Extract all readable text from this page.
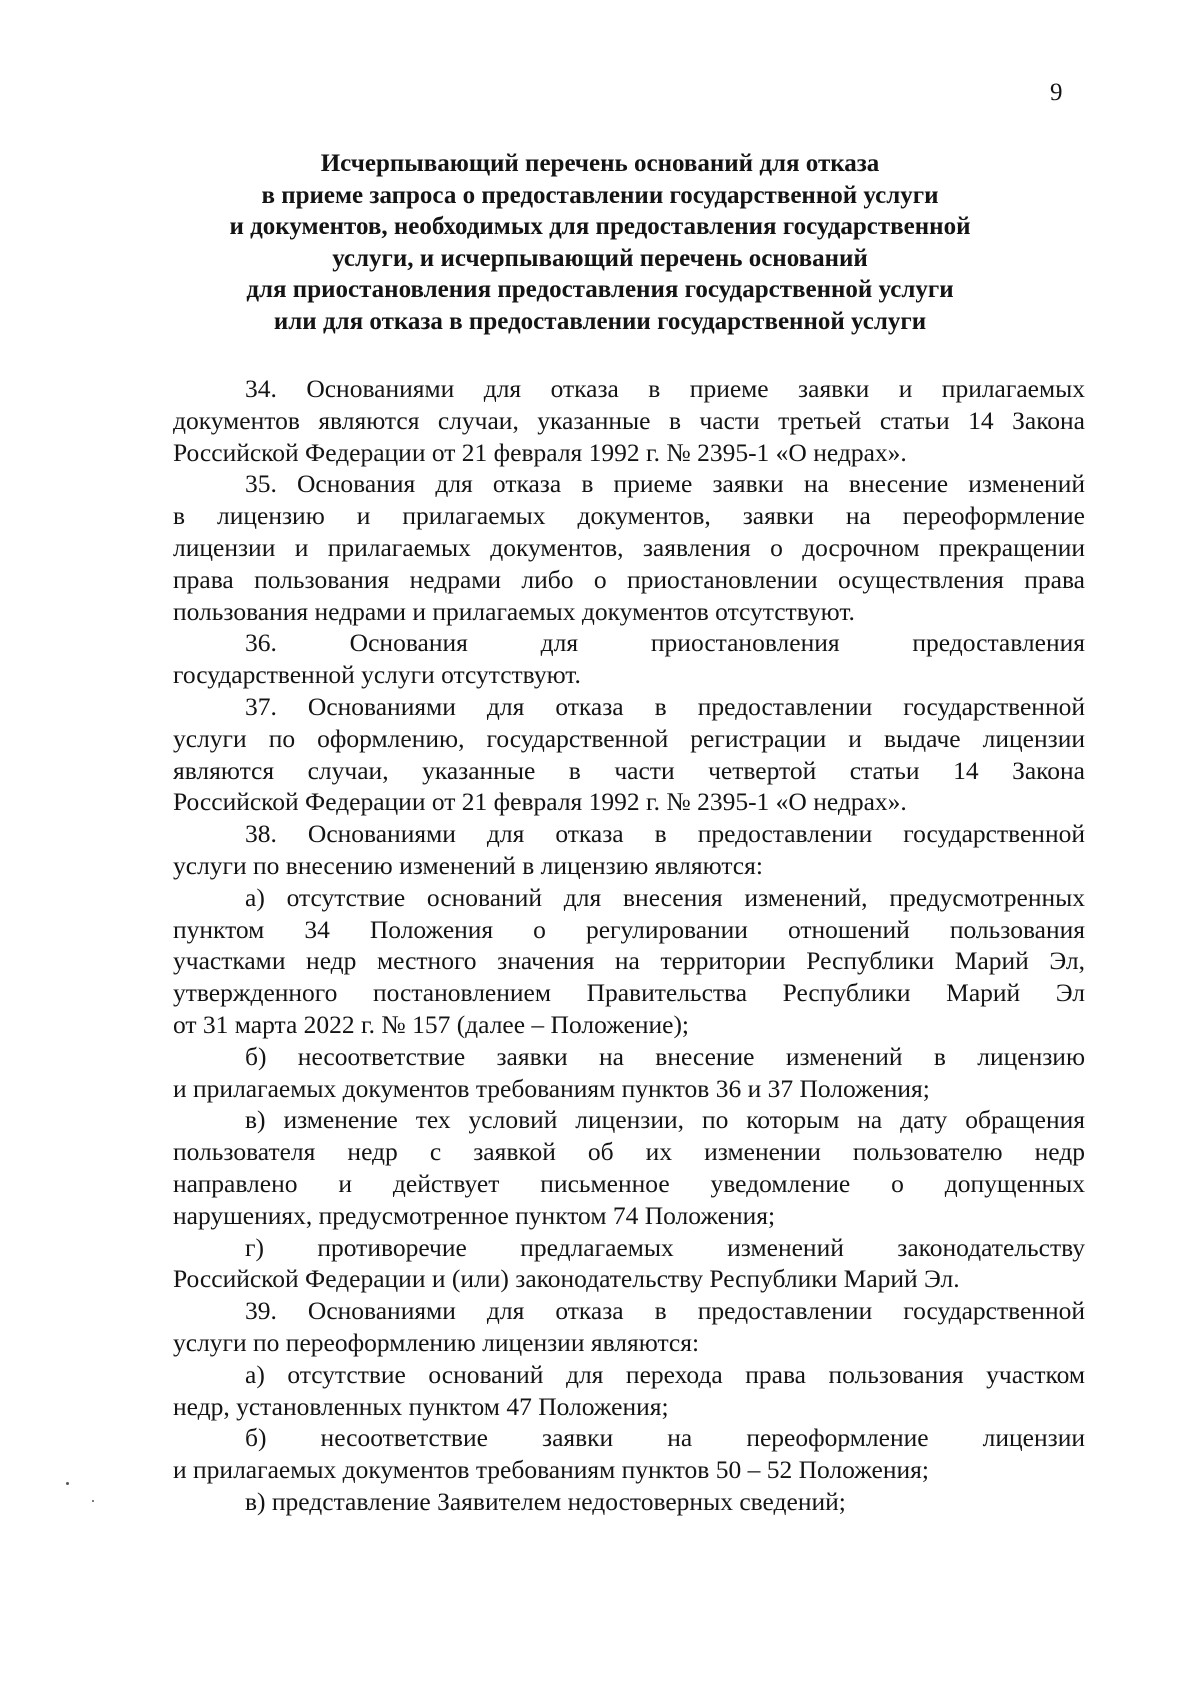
9
Исчерпывающий перечень оснований для отказа
в приеме запроса о предоставлении государственной услуги
и документов, необходимых для предоставления государственной
услуги, и исчерпывающий перечень оснований
для приостановления предоставления государственной услуги
или для отказа в предоставлении государственной услуги
34. Основаниями для отказа в приеме заявки и прилагаемых
документов являются случаи, указанные в части третьей статьи 14 Закона
Российской Федерации от 21 февраля 1992 г. № 2395-1 «О недрах».
35. Основания для отказа в приеме заявки на внесение изменений
в лицензию и прилагаемых документов, заявки на переоформление
лицензии и прилагаемых документов, заявления о досрочном прекращении
права пользования недрами либо о приостановлении осуществления права
пользования недрами и прилагаемых документов отсутствуют.
36. Основания для приостановления предоставления
государственной услуги отсутствуют.
37. Основаниями для отказа в предоставлении государственной
услуги по оформлению, государственной регистрации и выдаче лицензии
являются случаи, указанные в части четвертой статьи 14 Закона
Российской Федерации от 21 февраля 1992 г. № 2395-1 «О недрах».
38. Основаниями для отказа в предоставлении государственной
услуги по внесению изменений в лицензию являются:
а) отсутствие оснований для внесения изменений, предусмотренных
пунктом 34 Положения о регулировании отношений пользования
участками недр местного значения на территории Республики Марий Эл,
утвержденного постановлением Правительства Республики Марий Эл
от 31 марта 2022 г. № 157 (далее – Положение);
б) несоответствие заявки на внесение изменений в лицензию
и прилагаемых документов требованиям пунктов 36 и 37 Положения;
в) изменение тех условий лицензии, по которым на дату обращения
пользователя недр с заявкой об их изменении пользователю недр
направлено и действует письменное уведомление о допущенных
нарушениях, предусмотренное пунктом 74 Положения;
г) противоречие предлагаемых изменений законодательству
Российской Федерации и (или) законодательству Республики Марий Эл.
39. Основаниями для отказа в предоставлении государственной
услуги по переоформлению лицензии являются:
а) отсутствие оснований для перехода права пользования участком
недр, установленных пунктом 47 Положения;
б) несоответствие заявки на переоформление лицензии
и прилагаемых документов требованиям пунктов 50 – 52 Положения;
в) представление Заявителем недостоверных сведений;
